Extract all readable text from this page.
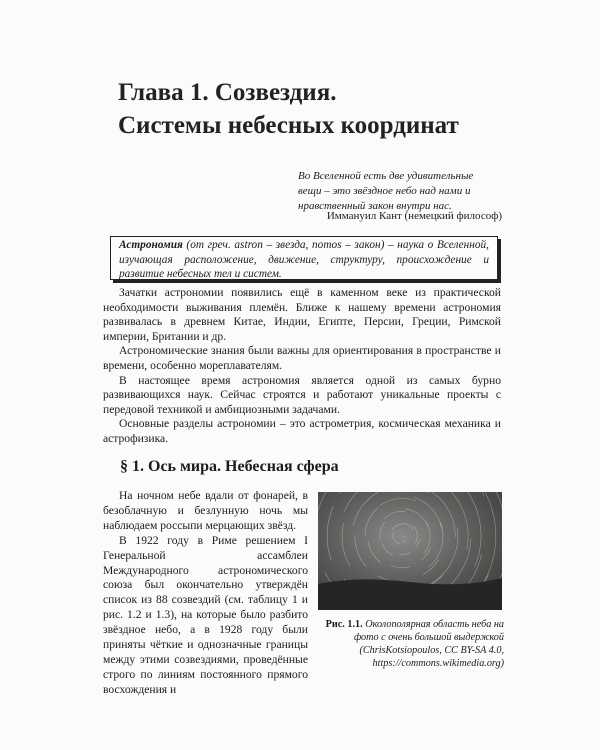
Глава 1. Созвездия.
Системы небесных координат
Во Вселенной есть две удивительные вещи – это звёздное небо над нами и нравственный закон внутри нас.
Иммануил Кант (немецкий философ)
Астрономия (от греч. astron – звезда, nomos – закон) – наука о Вселенной, изучающая расположение, движение, структуру, происхождение и развитие небесных тел и систем.

Зачатки астрономии появились ещё в каменном веке из практической необходимости выживания племён. Ближе к нашему времени астрономия развивалась в древнем Китае, Индии, Египте, Персии, Греции, Римской империи, Британии и др.

Астрономические знания были важны для ориентирования в пространстве и времени, особенно мореплавателям.

В настоящее время астрономия является одной из самых бурно развивающихся наук. Сейчас строятся и работают уникальные проекты с передовой техникой и амбициозными задачами.

Основные разделы астрономии – это астрометрия, космическая механика и астрофизика.

§ 1. Ось мира. Небесная сфера

На ночном небе вдали от фонарей, в безоблачную и безлунную ночь мы наблюдаем россыпи мерцающих звёзд.

В 1922 году в Риме решением I Генеральной ассамблеи Международного астрономического союза был окончательно утверждён список из 88 созвездий (см. таблицу 1 и рис. 1.2 и 1.3), на которые было разбито звёздное небо, а в 1928 году были приняты чёткие и однозначные границы между этими созвездиями, проведённые строго по линиям постоянного прямого восхождения и

Рис. 1.1. Околополярная область неба на фото с очень большой выдержкой
(ChrisKotsiopoulos, CC BY-SA 4.0, https://commons.wikimedia.org)
